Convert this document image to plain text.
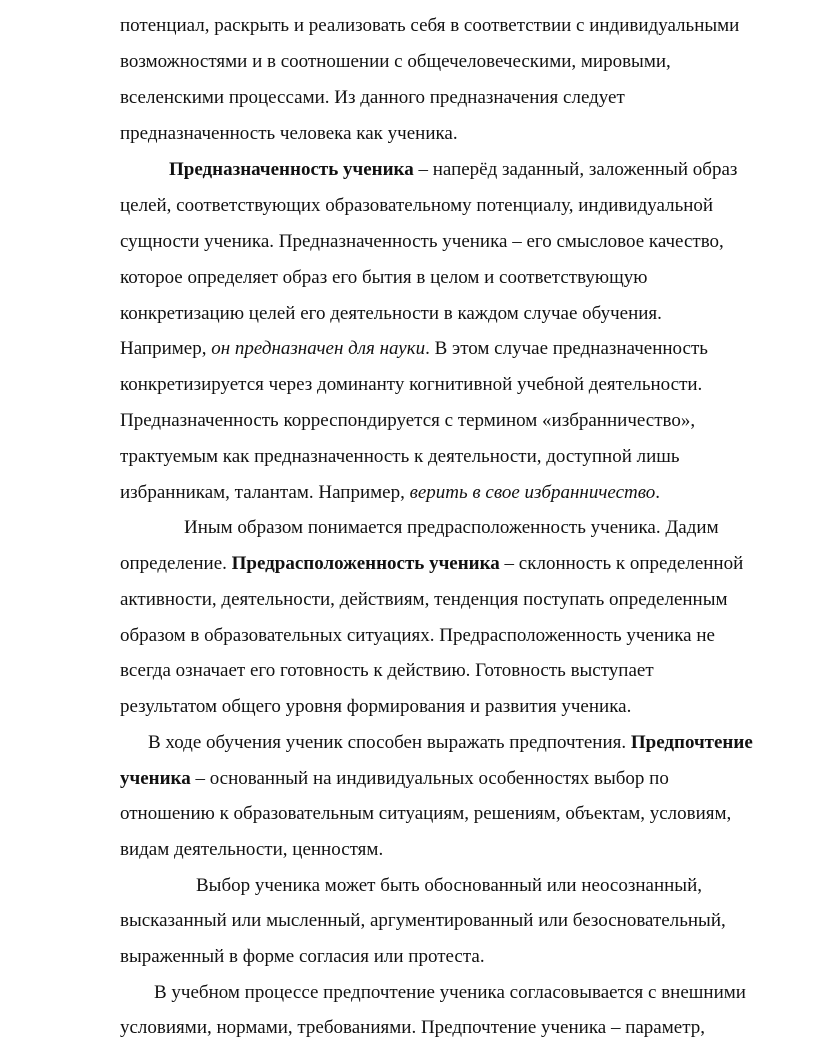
потенциал, раскрыть и реализовать себя в соответствии с индивидуальными
возможностями и в соотношении с общечеловеческими, мировыми,
вселенскими процессами. Из данного предназначения следует
предназначенность человека как ученика.
Предназначенность ученика – наперёд заданный, заложенный образ
целей, соответствующих образовательному потенциалу, индивидуальной
сущности ученика. Предназначенность ученика – его смысловое качество,
которое определяет образ его бытия в целом и соответствующую
конкретизацию целей его деятельности в каждом случае обучения.
Например, он предназначен для науки. В этом случае предназначенность
конкретизируется через доминанту когнитивной учебной деятельности.
Предназначенность корреспондируется с термином «избранничество»,
трактуемым как предназначенность к деятельности, доступной лишь
избранникам, талантам. Например, верить в свое избранничество.
Иным образом понимается предрасположенность ученика. Дадим
определение. Предрасположенность ученика – склонность к определенной
активности, деятельности, действиям, тенденция поступать определенным
образом в образовательных ситуациях. Предрасположенность ученика не
всегда означает его готовность к действию. Готовность выступает
результатом общего уровня формирования и развития ученика.
В ходе обучения ученик способен выражать предпочтения. Предпочтение
ученика – основанный на индивидуальных особенностях выбор по
отношению к образовательным ситуациям, решениям, объектам, условиям,
видам деятельности, ценностям.
Выбор ученика может быть обоснованный или неосознанный,
высказанный или мысленный, аргументированный или безосновательный,
выраженный в форме согласия или протеста.
В учебном процессе предпочтение ученика согласовывается с внешними
условиями, нормами, требованиями. Предпочтение ученика – параметр,
